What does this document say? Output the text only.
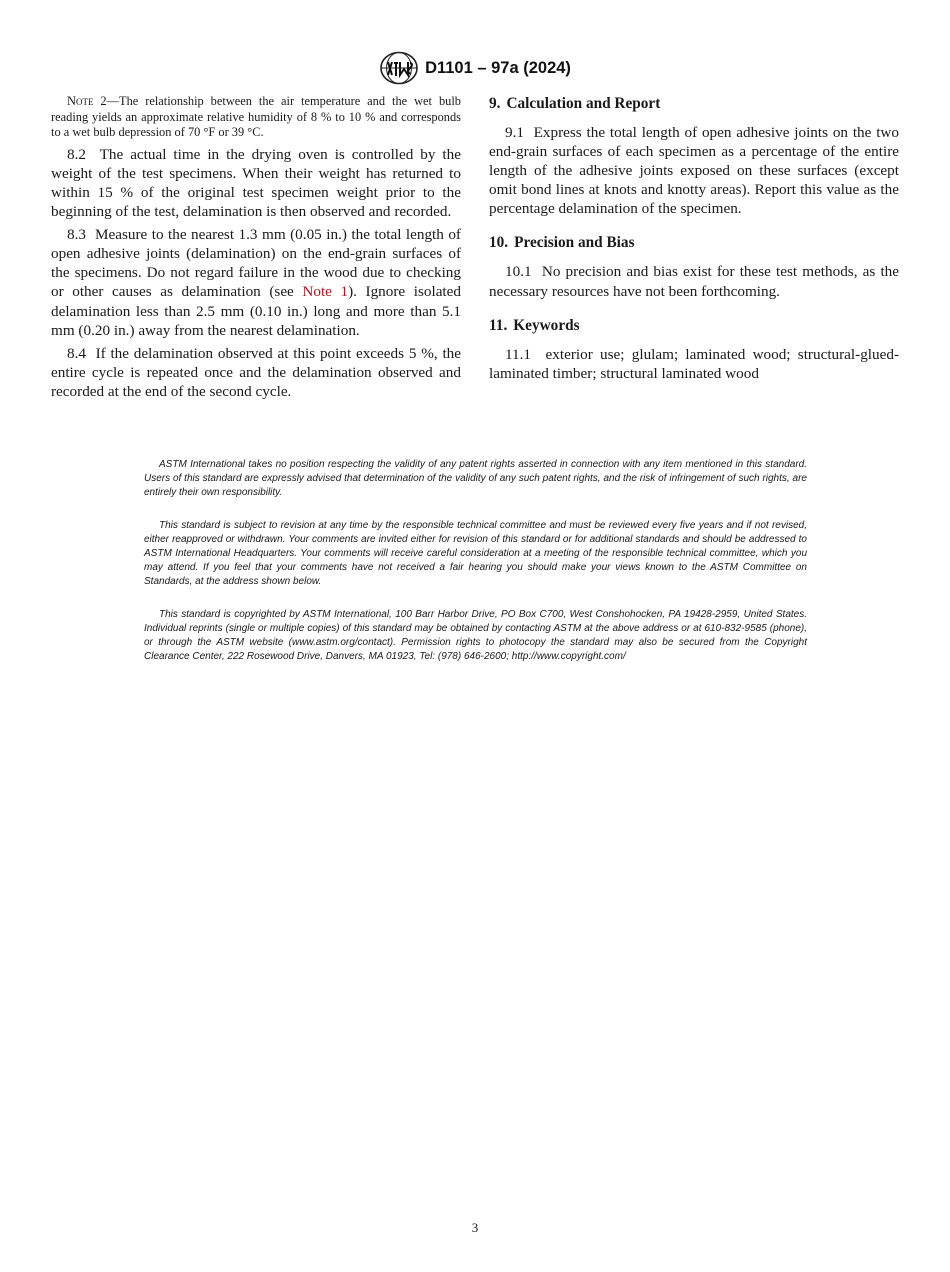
D1101 – 97a (2024)

Note 2—The relationship between the air temperature and the wet bulb reading yields an approximate relative humidity of 8 % to 10 % and corresponds to a wet bulb depression of 70 °F or 39 °C.

8.2 The actual time in the drying oven is controlled by the weight of the test specimens. When their weight has returned to within 15 % of the original test specimen weight prior to the beginning of the test, delamination is then observed and recorded.

8.3 Measure to the nearest 1.3 mm (0.05 in.) the total length of open adhesive joints (delamination) on the end-grain surfaces of the specimens. Do not regard failure in the wood due to checking or other causes as delamination (see Note 1). Ignore isolated delamination less than 2.5 mm (0.10 in.) long and more than 5.1 mm (0.20 in.) away from the nearest delamination.

8.4 If the delamination observed at this point exceeds 5 %, the entire cycle is repeated once and the delamination observed and recorded at the end of the second cycle.

9. Calculation and Report

9.1 Express the total length of open adhesive joints on the two end-grain surfaces of each specimen as a percentage of the entire length of the adhesive joints exposed on these surfaces (except omit bond lines at knots and knotty areas). Report this value as the percentage delamination of the specimen.

10. Precision and Bias

10.1 No precision and bias exist for these test methods, as the necessary resources have not been forthcoming.

11. Keywords

11.1 exterior use; glulam; laminated wood; structural-glued-laminated timber; structural laminated wood

ASTM International takes no position respecting the validity of any patent rights asserted in connection with any item mentioned in this standard. Users of this standard are expressly advised that determination of the validity of any such patent rights, and the risk of infringement of such rights, are entirely their own responsibility.

This standard is subject to revision at any time by the responsible technical committee and must be reviewed every five years and if not revised, either reapproved or withdrawn. Your comments are invited either for revision of this standard or for additional standards and should be addressed to ASTM International Headquarters. Your comments will receive careful consideration at a meeting of the responsible technical committee, which you may attend. If you feel that your comments have not received a fair hearing you should make your views known to the ASTM Committee on Standards, at the address shown below.

This standard is copyrighted by ASTM International, 100 Barr Harbor Drive, PO Box C700, West Conshohocken, PA 19428-2959, United States. Individual reprints (single or multiple copies) of this standard may be obtained by contacting ASTM at the above address or at 610-832-9585 (phone), or through the ASTM website (www.astm.org/contact). Permission rights to photocopy the standard may also be secured from the Copyright Clearance Center, 222 Rosewood Drive, Danvers, MA 01923, Tel: (978) 646-2600; http://www.copyright.com/

3
